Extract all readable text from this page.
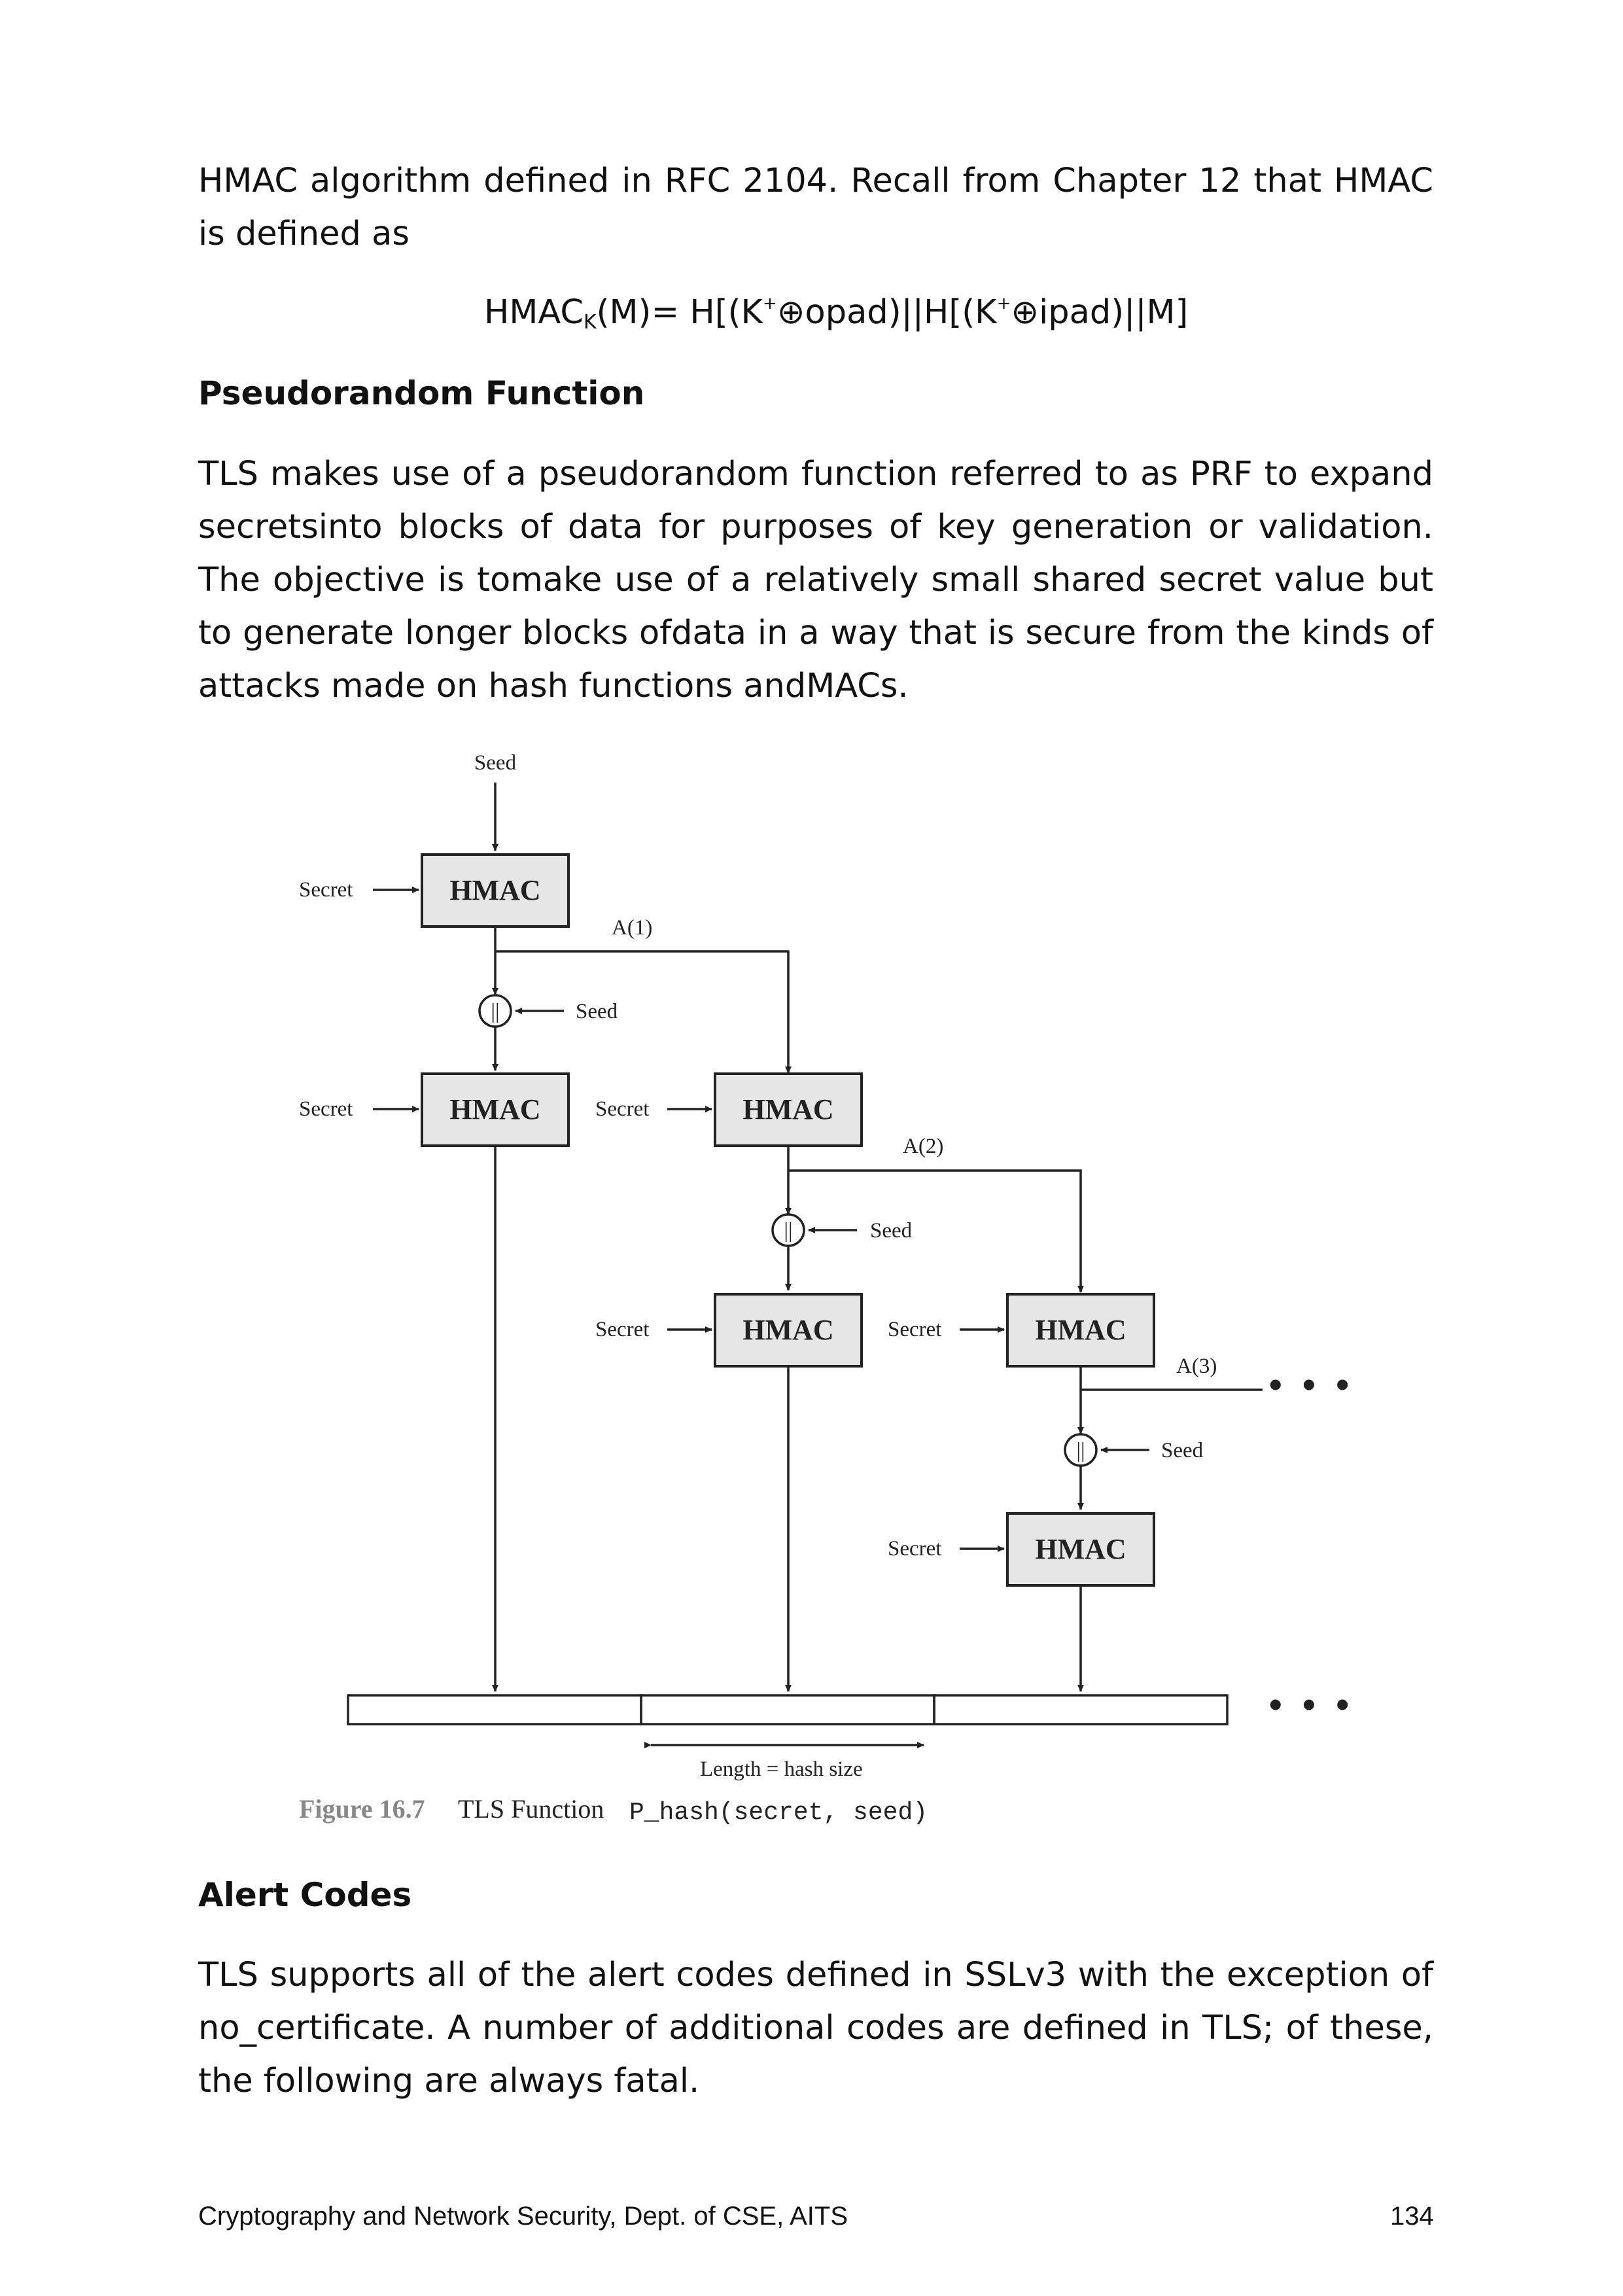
HMAC algorithm defined in RFC 2104. Recall from Chapter 12 that HMAC is defined as

$HMAC_K(M)=$ H[(K+⊕opad)||H[(K+⊕ipad)||M]

Pseudorandom Function

TLS makes use of a pseudorandom function referred to as PRF to expand secretsinto blocks of data for purposes of key generation or validation. The objective is tomake use of a relatively small shared secret value but to generate longer blocks ofdata in a way that is secure from the kinds of attacks made on hash functions andMACs.

Seed
HMAC
Secret
A(1)
||	Seed
HMAC
Secret	HMAC
Secret
A(2)
||	Seed
HMAC
Secret	HMAC
Secret
A(3) • • •
||	Seed
HMAC
Secret
• • •
Length = hash size
Figure 16.7 TLS Function P_hash(secret, seed)
Alert Codes

TLS supports all of the alert codes defined in SSLv3 with the exception of no_certificate. A number of additional codes are defined in TLS; of these, the following are always fatal.

Cryptography and Network Security, Dept. of CSE, AITS	134
